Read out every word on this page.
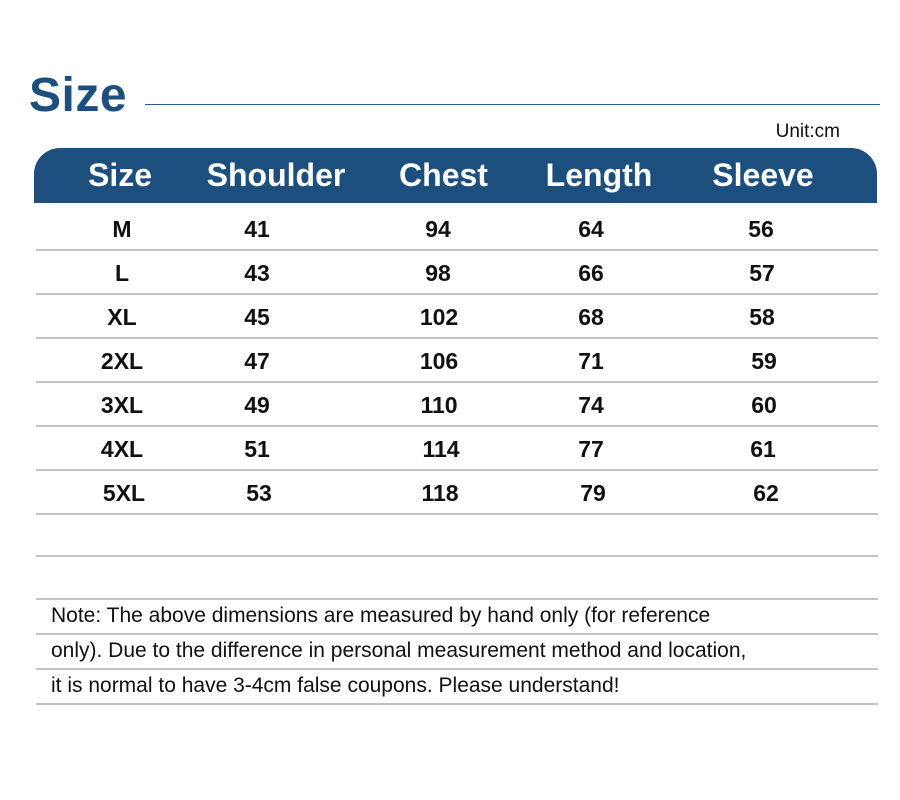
Size
Unit:cm
Size	Shoulder	Chest	Length	Sleeve
M	41	94	64	56
L	43	98	66	57
XL	45	102	68	58
2XL	47	106	71	59
3XL	49	110	74	60
4XL	51	114	77	61
5XL	53	118	79	62
Note: The above dimensions are measured by hand only (for reference
only). Due to the difference in personal measurement method and location,
it is normal to have 3-4cm false coupons. Please understand!
